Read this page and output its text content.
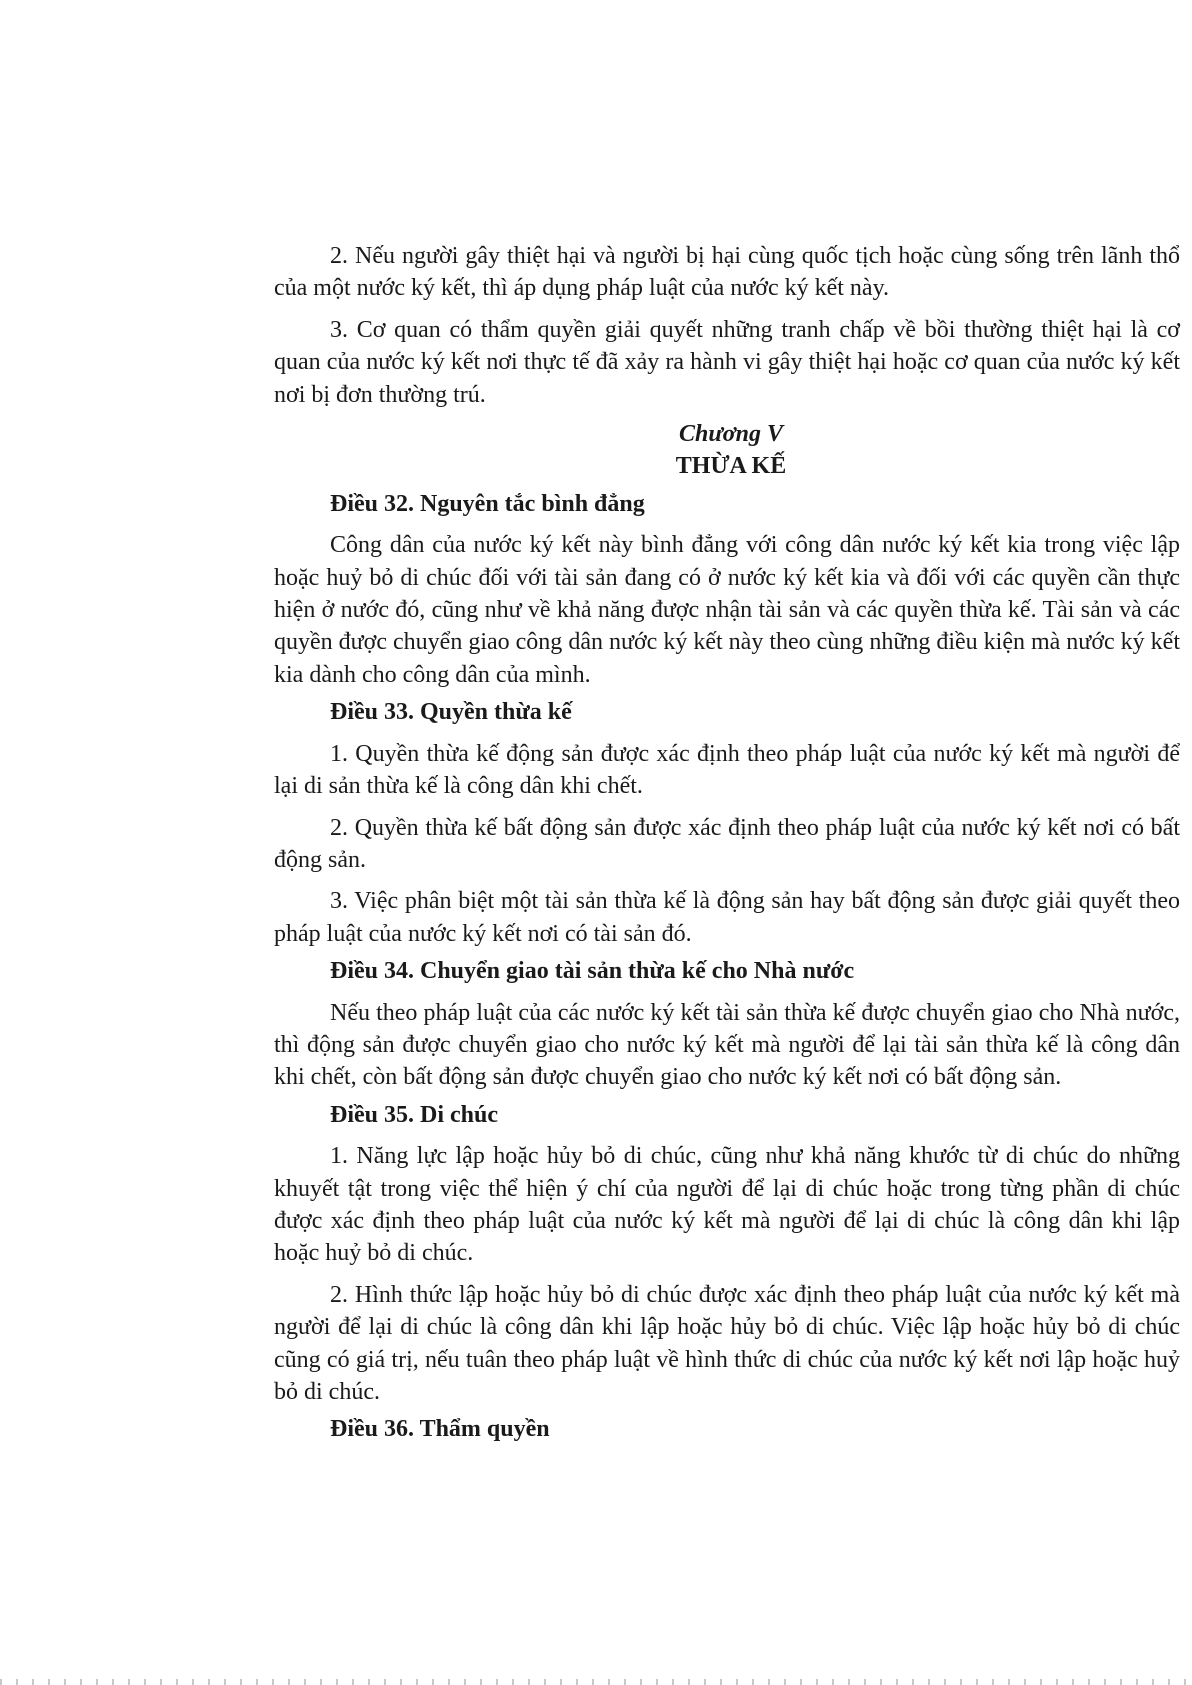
2. Nếu người gây thiệt hại và người bị hại cùng quốc tịch hoặc cùng sống trên lãnh thổ của một nước ký kết, thì áp dụng pháp luật của nước ký kết này.

3. Cơ quan có thẩm quyền giải quyết những tranh chấp về bồi thường thiệt hại là cơ quan của nước ký kết nơi thực tế đã xảy ra hành vi gây thiệt hại hoặc cơ quan của nước ký kết nơi bị đơn thường trú.

Chương V

THỪA KẾ

Điều 32. Nguyên tắc bình đẳng

Công dân của nước ký kết này bình đẳng với công dân nước ký kết kia trong việc lập hoặc huỷ bỏ di chúc đối với tài sản đang có ở nước ký kết kia và đối với các quyền cần thực hiện ở nước đó, cũng như về khả năng được nhận tài sản và các quyền thừa kế. Tài sản và các quyền được chuyển giao công dân nước ký kết này theo cùng những điều kiện mà nước ký kết kia dành cho công dân của mình.

Điều 33. Quyền thừa kế

1. Quyền thừa kế động sản được xác định theo pháp luật của nước ký kết mà người để lại di sản thừa kế là công dân khi chết.

2. Quyền thừa kế bất động sản được xác định theo pháp luật của nước ký kết nơi có bất động sản.

3. Việc phân biệt một tài sản thừa kế là động sản hay bất động sản được giải quyết theo pháp luật của nước ký kết nơi có tài sản đó.

Điều 34. Chuyển giao tài sản thừa kế cho Nhà nước

Nếu theo pháp luật của các nước ký kết tài sản thừa kế được chuyển giao cho Nhà nước, thì động sản được chuyển giao cho nước ký kết mà người để lại tài sản thừa kế là công dân khi chết, còn bất động sản được chuyển giao cho nước ký kết nơi có bất động sản.

Điều 35. Di chúc

1. Năng lực lập hoặc hủy bỏ di chúc, cũng như khả năng khước từ di chúc do những khuyết tật trong việc thể hiện ý chí của người để lại di chúc hoặc trong từng phần di chúc được xác định theo pháp luật của nước ký kết mà người để lại di chúc là công dân khi lập hoặc huỷ bỏ di chúc.

2. Hình thức lập hoặc hủy bỏ di chúc được xác định theo pháp luật của nước ký kết mà người để lại di chúc là công dân khi lập hoặc hủy bỏ di chúc. Việc lập hoặc hủy bỏ di chúc cũng có giá trị, nếu tuân theo pháp luật về hình thức di chúc của nước ký kết nơi lập hoặc huỷ bỏ di chúc.

Điều 36. Thẩm quyền
